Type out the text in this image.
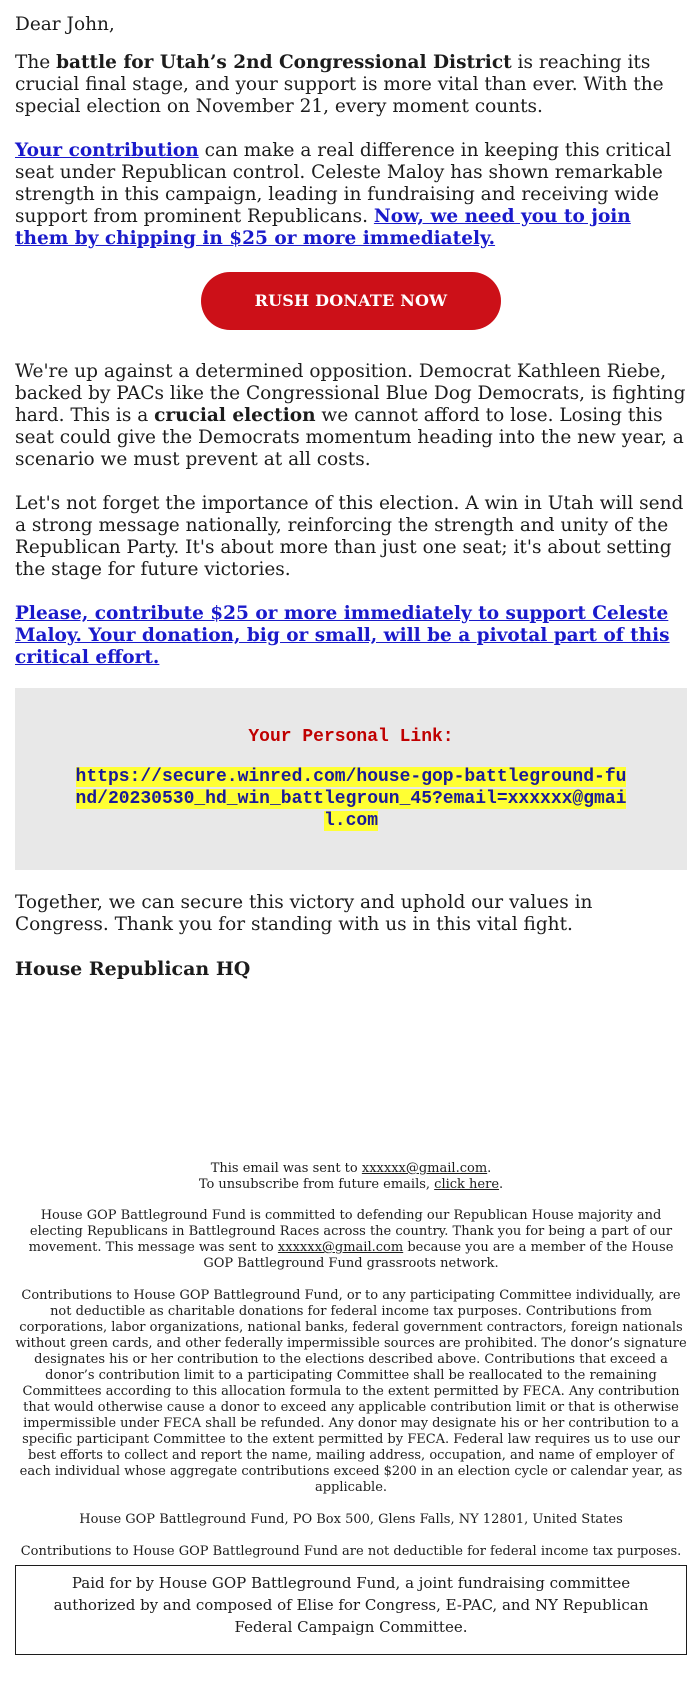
Dear John,

The battle for Utah’s 2nd Congressional District is reaching its crucial final stage, and your support is more vital than ever. With the special election on November 21, every moment counts.

Your contribution can make a real difference in keeping this critical seat under Republican control. Celeste Maloy has shown remarkable strength in this campaign, leading in fundraising and receiving wide support from prominent Republicans. Now, we need you to join them by chipping in $25 or more immediately.

RUSH DONATE NOW

We're up against a determined opposition. Democrat Kathleen Riebe, backed by PACs like the Congressional Blue Dog Democrats, is fighting hard. This is a crucial election we cannot afford to lose. Losing this seat could give the Democrats momentum heading into the new year, a scenario we must prevent at all costs.

Let's not forget the importance of this election. A win in Utah will send a strong message nationally, reinforcing the strength and unity of the Republican Party. It's about more than just one seat; it's about setting the stage for future victories.

Please, contribute $25 or more immediately to support Celeste Maloy. Your donation, big or small, will be a pivotal part of this critical effort.

Your Personal Link:
https://secure.winred.com/house-gop-battleground-fund/20230530_hd_win_battlegroun_45?email=xxxxxx@gmail.com

Together, we can secure this victory and uphold our values in Congress. Thank you for standing with us in this vital fight.

House Republican HQ

This email was sent to xxxxxx@gmail.com.
To unsubscribe from future emails, click here.

House GOP Battleground Fund is committed to defending our Republican House majority and electing Republicans in Battleground Races across the country. Thank you for being a part of our movement. This message was sent to xxxxxx@gmail.com because you are a member of the House GOP Battleground Fund grassroots network.

Contributions to House GOP Battleground Fund, or to any participating Committee individually, are not deductible as charitable donations for federal income tax purposes. Contributions from corporations, labor organizations, national banks, federal government contractors, foreign nationals without green cards, and other federally impermissible sources are prohibited. The donor’s signature designates his or her contribution to the elections described above. Contributions that exceed a donor’s contribution limit to a participating Committee shall be reallocated to the remaining Committees according to this allocation formula to the extent permitted by FECA. Any contribution that would otherwise cause a donor to exceed any applicable contribution limit or that is otherwise impermissible under FECA shall be refunded. Any donor may designate his or her contribution to a specific participant Committee to the extent permitted by FECA. Federal law requires us to use our best efforts to collect and report the name, mailing address, occupation, and name of employer of each individual whose aggregate contributions exceed $200 in an election cycle or calendar year, as applicable.

House GOP Battleground Fund, PO Box 500, Glens Falls, NY 12801, United States

Contributions to House GOP Battleground Fund are not deductible for federal income tax purposes.

Paid for by House GOP Battleground Fund, a joint fundraising committee authorized by and composed of Elise for Congress, E-PAC, and NY Republican Federal Campaign Committee.
